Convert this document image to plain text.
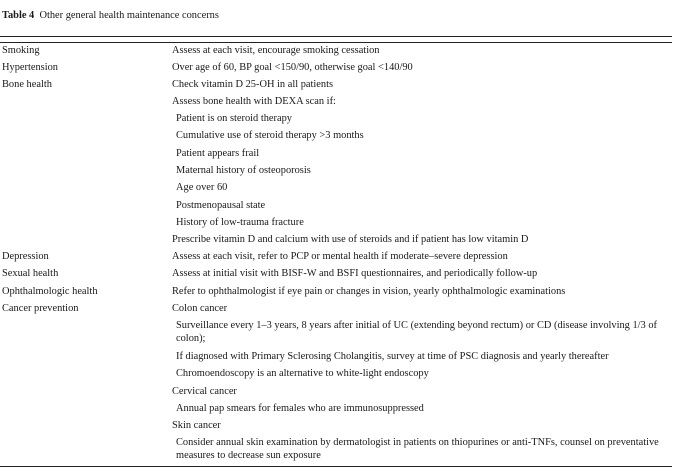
Table 4 Other general health maintenance concerns
Smoking	Assess at each visit, encourage smoking cessation
Hypertension	Over age of 60, BP goal <150/90, otherwise goal <140/90
Bone health	Check vitamin D 25-OH in all patients
Assess bone health with DEXA scan if:
Patient is on steroid therapy
Cumulative use of steroid therapy >3 months
Patient appears frail
Maternal history of osteoporosis
Age over 60
Postmenopausal state
History of low-trauma fracture
Prescribe vitamin D and calcium with use of steroids and if patient has low vitamin D
Depression	Assess at each visit, refer to PCP or mental health if moderate–severe depression
Sexual health	Assess at initial visit with BISF-W and BSFI questionnaires, and periodically follow-up
Ophthalmologic health	Refer to ophthalmologist if eye pain or changes in vision, yearly ophthalmologic examinations
Cancer prevention	Colon cancer
Surveillance every 1–3 years, 8 years after initial of UC (extending beyond rectum) or CD (disease involving 1/3 of colon);
If diagnosed with Primary Sclerosing Cholangitis, survey at time of PSC diagnosis and yearly thereafter
Chromoendoscopy is an alternative to white-light endoscopy
Cervical cancer
Annual pap smears for females who are immunosuppressed
Skin cancer
Consider annual skin examination by dermatologist in patients on thiopurines or anti-TNFs, counsel on preventative measures to decrease sun exposure
